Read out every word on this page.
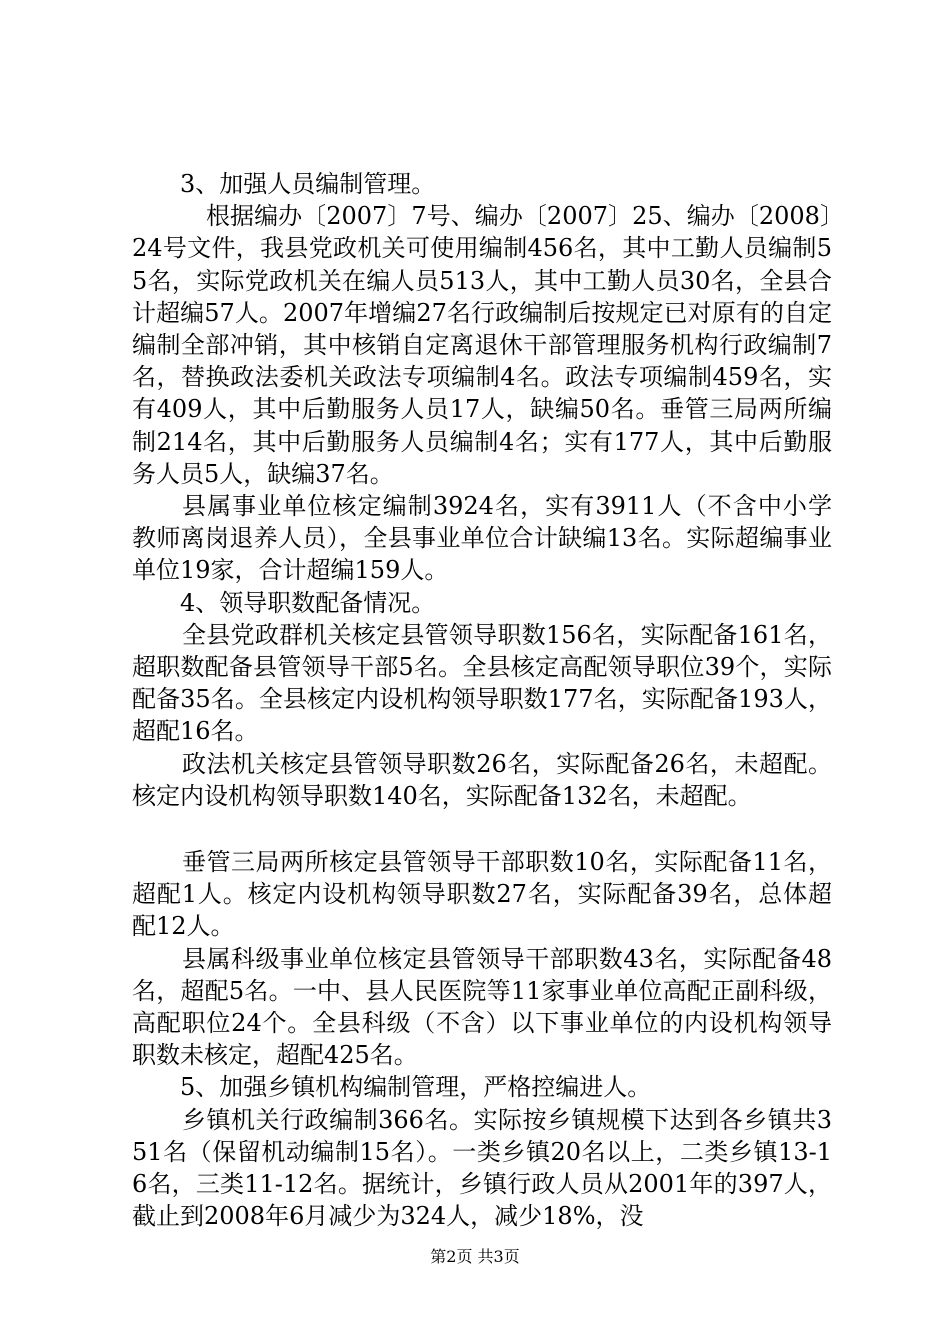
3、加强人员编制管理。

根据编办〔2007〕7号、编办〔2007〕25、编办〔2008〕24号文件，我县党政机关可使用编制456名，其中工勤人员编制55名，实际党政机关在编人员513人，其中工勤人员30名，全县合计超编57人。2007年增编27名行政编制后按规定已对原有的自定编制全部冲销，其中核销自定离退休干部管理服务机构行政编制7名，替换政法委机关政法专项编制4名。政法专项编制459名，实有409人，其中后勤服务人员17人，缺编50名。垂管三局两所编制214名，其中后勤服务人员编制4名；实有177人，其中后勤服务人员5人，缺编37名。

县属事业单位核定编制3924名，实有3911人（不含中小学教师离岗退养人员），全县事业单位合计缺编13名。实际超编事业单位19家，合计超编159人。

4、领导职数配备情况。

全县党政群机关核定县管领导职数156名，实际配备161名，超职数配备县管领导干部5名。全县核定高配领导职位39个，实际配备35名。全县核定内设机构领导职数177名，实际配备193人，超配16名。

政法机关核定县管领导职数26名，实际配备26名，未超配。核定内设机构领导职数140名，实际配备132名，未超配。

垂管三局两所核定县管领导干部职数10名，实际配备11名，超配1人。核定内设机构领导职数27名，实际配备39名，总体超配12人。

县属科级事业单位核定县管领导干部职数43名，实际配备48名，超配5名。一中、县人民医院等11家事业单位高配正副科级，高配职位24个。全县科级（不含）以下事业单位的内设机构领导职数未核定，超配425名。

5、加强乡镇机构编制管理，严格控编进人。

乡镇机关行政编制366名。实际按乡镇规模下达到各乡镇共351名（保留机动编制15名）。一类乡镇20名以上，二类乡镇13-16名，三类11-12名。据统计，乡镇行政人员从2001年的397人，截止到2008年6月减少为324人，减少18%，没

第2页 共3页
